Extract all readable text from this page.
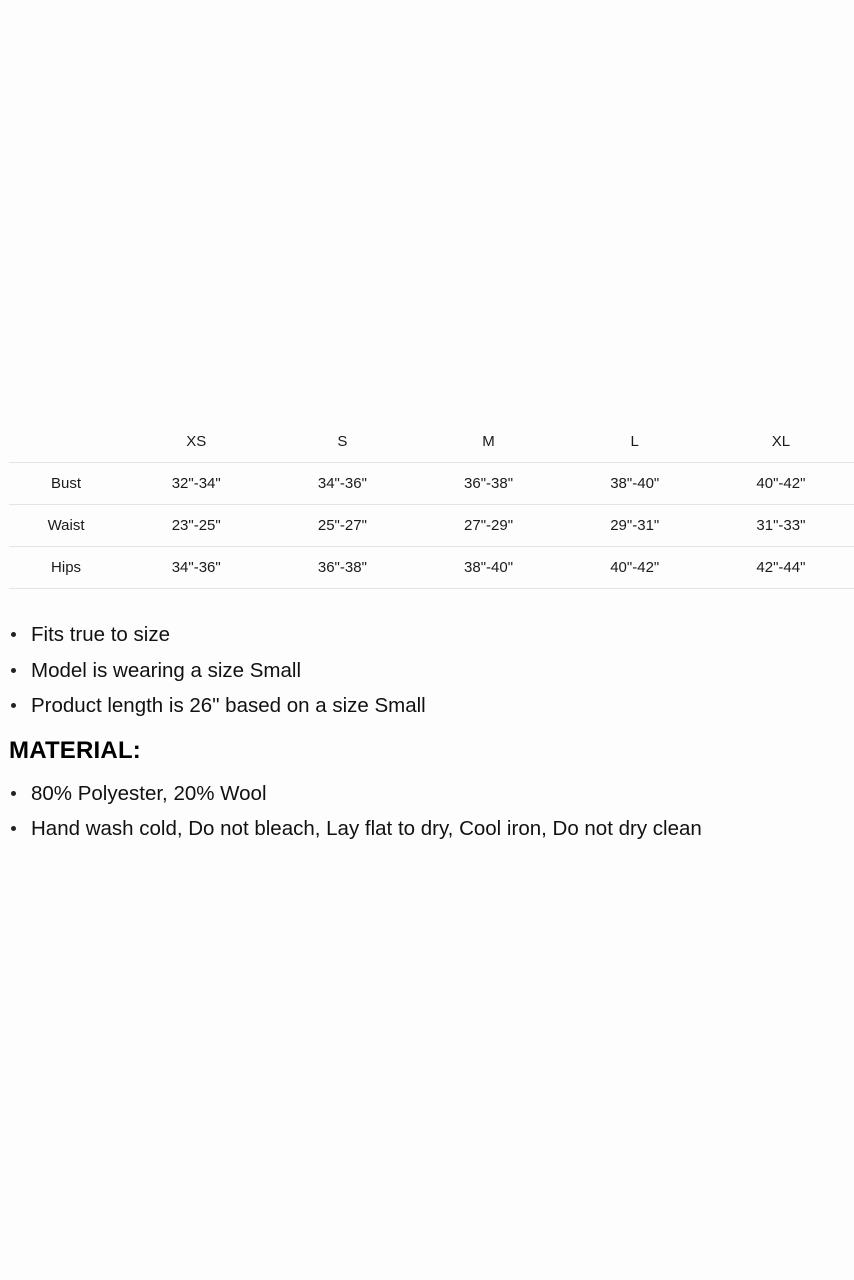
	XS	S	M	L	XL
Bust	32"-34"	34"-36"	36"-38"	38"-40"	40"-42"
Waist	23"-25"	25"-27"	27"-29"	29"-31"	31"-33"
Hips	34"-36"	36"-38"	38"-40"	40"-42"	42"-44"
Fits true to size
Model is wearing a size Small
Product length is 26" based on a size Small
MATERIAL:
80% Polyester, 20% Wool
Hand wash cold, Do not bleach, Lay flat to dry, Cool iron, Do not dry clean
